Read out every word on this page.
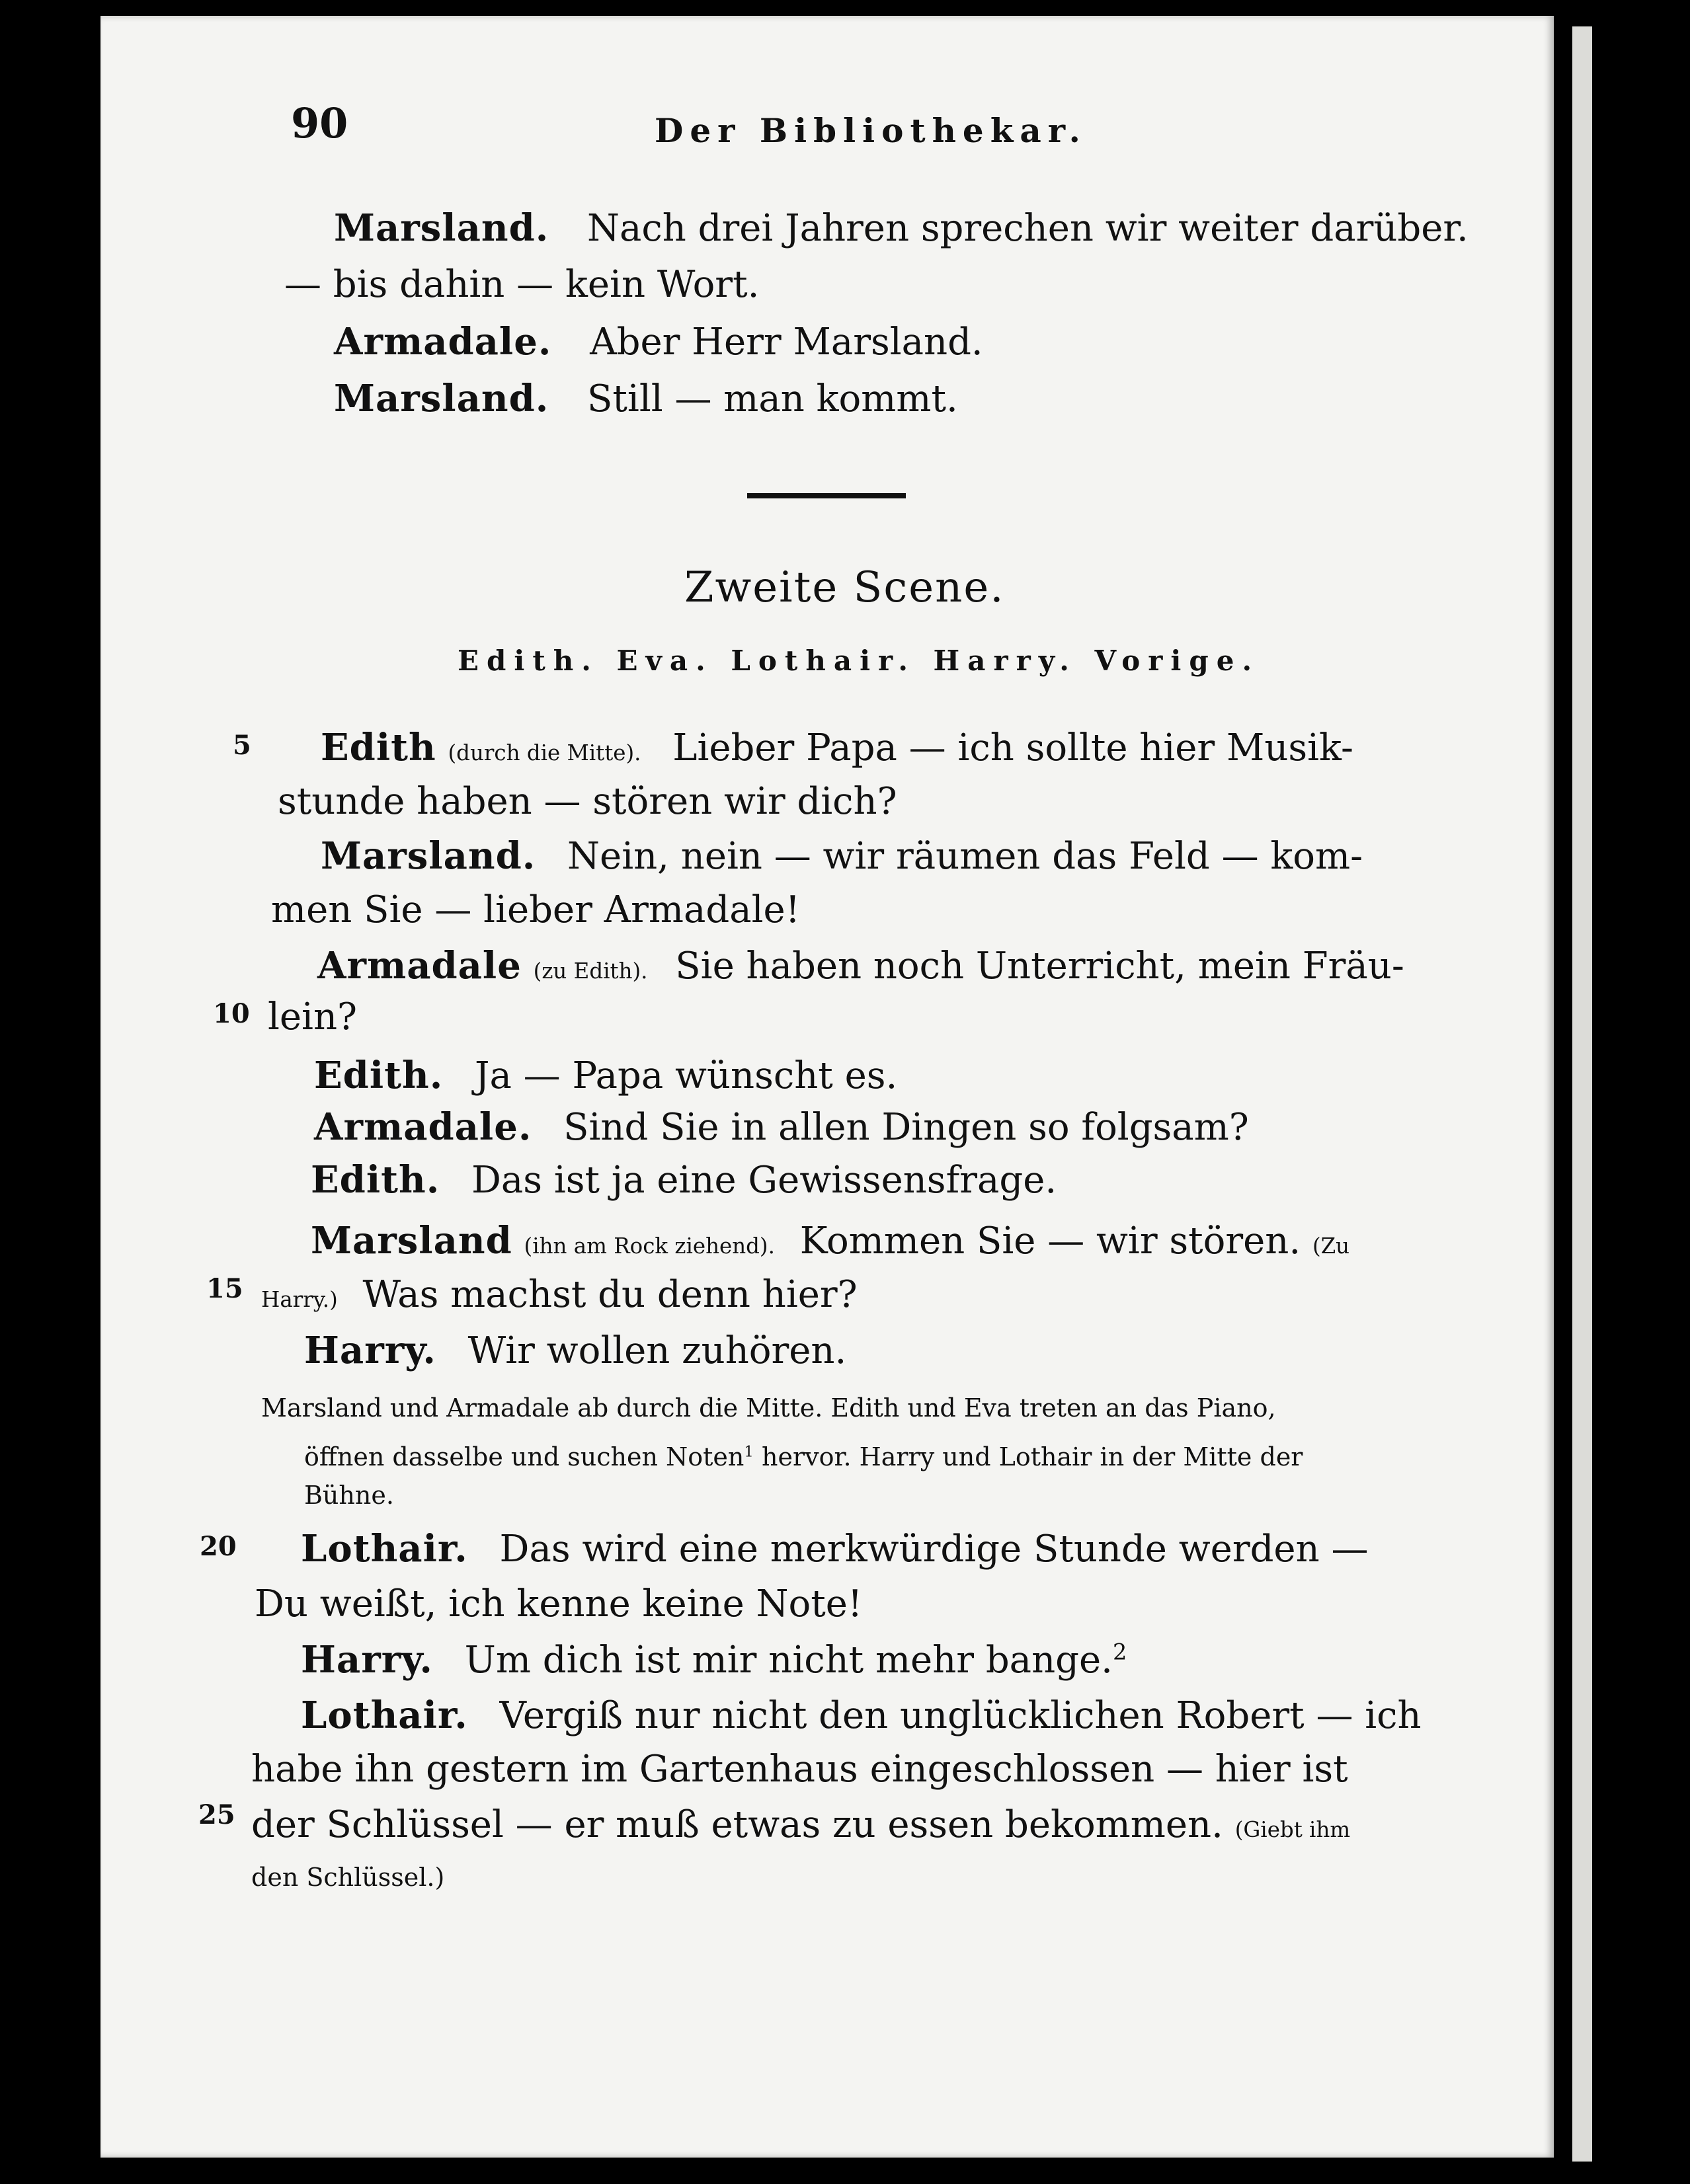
90	Der Bibliothekar.
Marsland. Nach drei Jahren sprechen wir weiter darüber.
— bis dahin — kein Wort.
Armadale. Aber Herr Marsland.
Marsland. Still — man kommt.
Zweite Scene.
Edith. Eva. Lothair. Harry. Vorige.
5
10
15
20
25
Edith (durch die Mitte). Lieber Papa — ich sollte hier Musik-
stunde haben — stören wir dich?
Marsland. Nein, nein — wir räumen das Feld — kom-
men Sie — lieber Armadale!
Armadale (zu Edith). Sie haben noch Unterricht, mein Fräu-
lein?
Edith. Ja — Papa wünscht es.
Armadale. Sind Sie in allen Dingen so folgsam?
Edith. Das ist ja eine Gewissensfrage.
Marsland (ihn am Rock ziehend). Kommen Sie — wir stören. (Zu
Harry.) Was machst du denn hier?
Harry. Wir wollen zuhören.
Marsland und Armadale ab durch die Mitte. Edith und Eva treten an das Piano,
öffnen dasselbe und suchen Noten$^1$ hervor. Harry und Lothair in der Mitte der
Bühne.
Lothair. Das wird eine merkwürdige Stunde werden —
Du weißt, ich kenne keine Note!
Harry. Um dich ist mir nicht mehr bange.$^2$
Lothair. Vergiß nur nicht den unglücklichen Robert — ich
habe ihn gestern im Gartenhaus eingeschlossen — hier ist
der Schlüssel — er muß etwas zu essen bekommen. (Giebt ihm
den Schlüssel.)
